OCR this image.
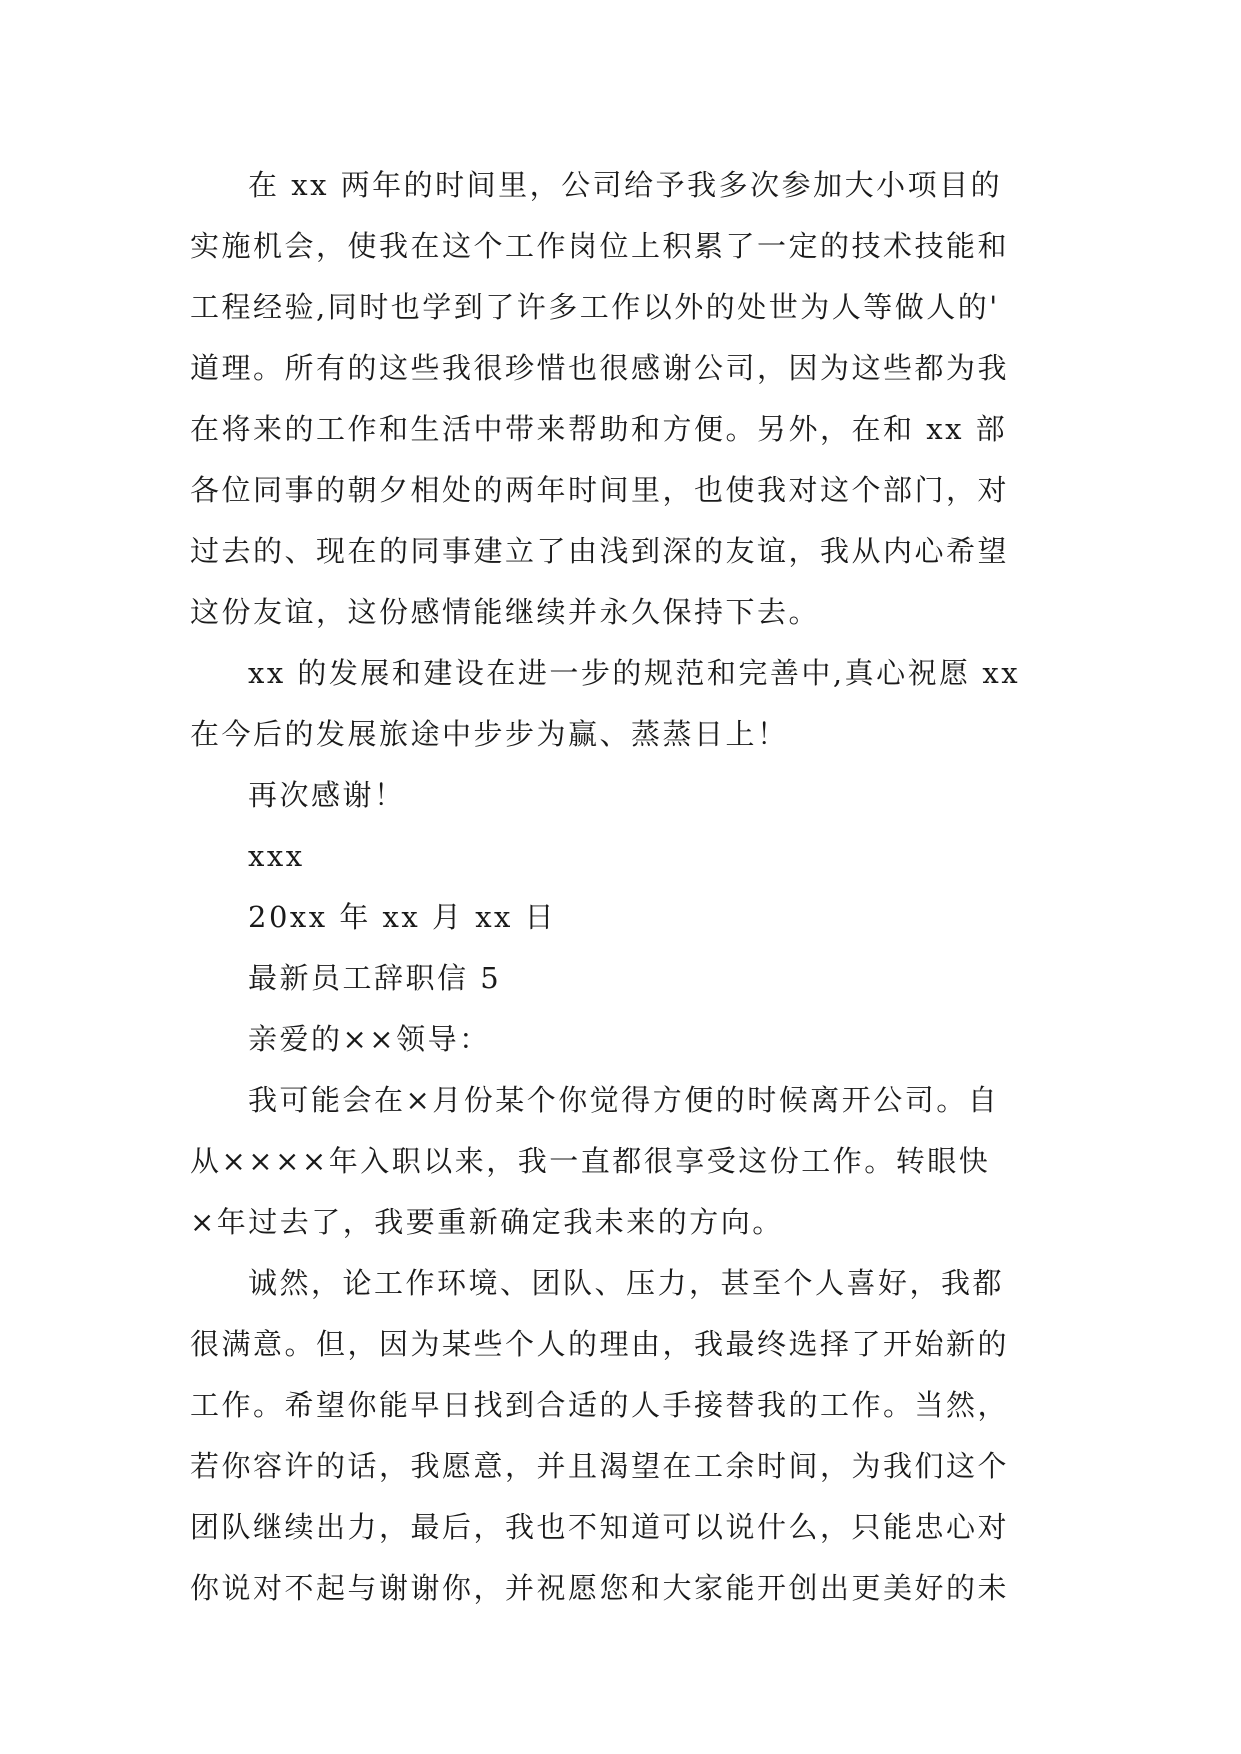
在 xx 两年的时间里，公司给予我多次参加大小项目的
实施机会，使我在这个工作岗位上积累了一定的技术技能和
工程经验,同时也学到了许多工作以外的处世为人等做人的'
道理。所有的这些我很珍惜也很感谢公司，因为这些都为我
在将来的工作和生活中带来帮助和方便。另外，在和 xx 部
各位同事的朝夕相处的两年时间里，也使我对这个部门，对
过去的、现在的同事建立了由浅到深的友谊，我从内心希望
这份友谊，这份感情能继续并永久保持下去。
xx 的发展和建设在进一步的规范和完善中,真心祝愿 xx
在今后的发展旅途中步步为赢、蒸蒸日上！
再次感谢！
xxx
20xx 年 xx 月 xx 日
最新员工辞职信 5
亲爱的××领导：
我可能会在×月份某个你觉得方便的时候离开公司。自
从××××年入职以来，我一直都很享受这份工作。转眼快
×年过去了，我要重新确定我未来的方向。
诚然，论工作环境、团队、压力，甚至个人喜好，我都
很满意。但，因为某些个人的理由，我最终选择了开始新的
工作。希望你能早日找到合适的人手接替我的工作。当然，
若你容许的话，我愿意，并且渴望在工余时间，为我们这个
团队继续出力，最后，我也不知道可以说什么，只能忠心对
你说对不起与谢谢你，并祝愿您和大家能开创出更美好的未
